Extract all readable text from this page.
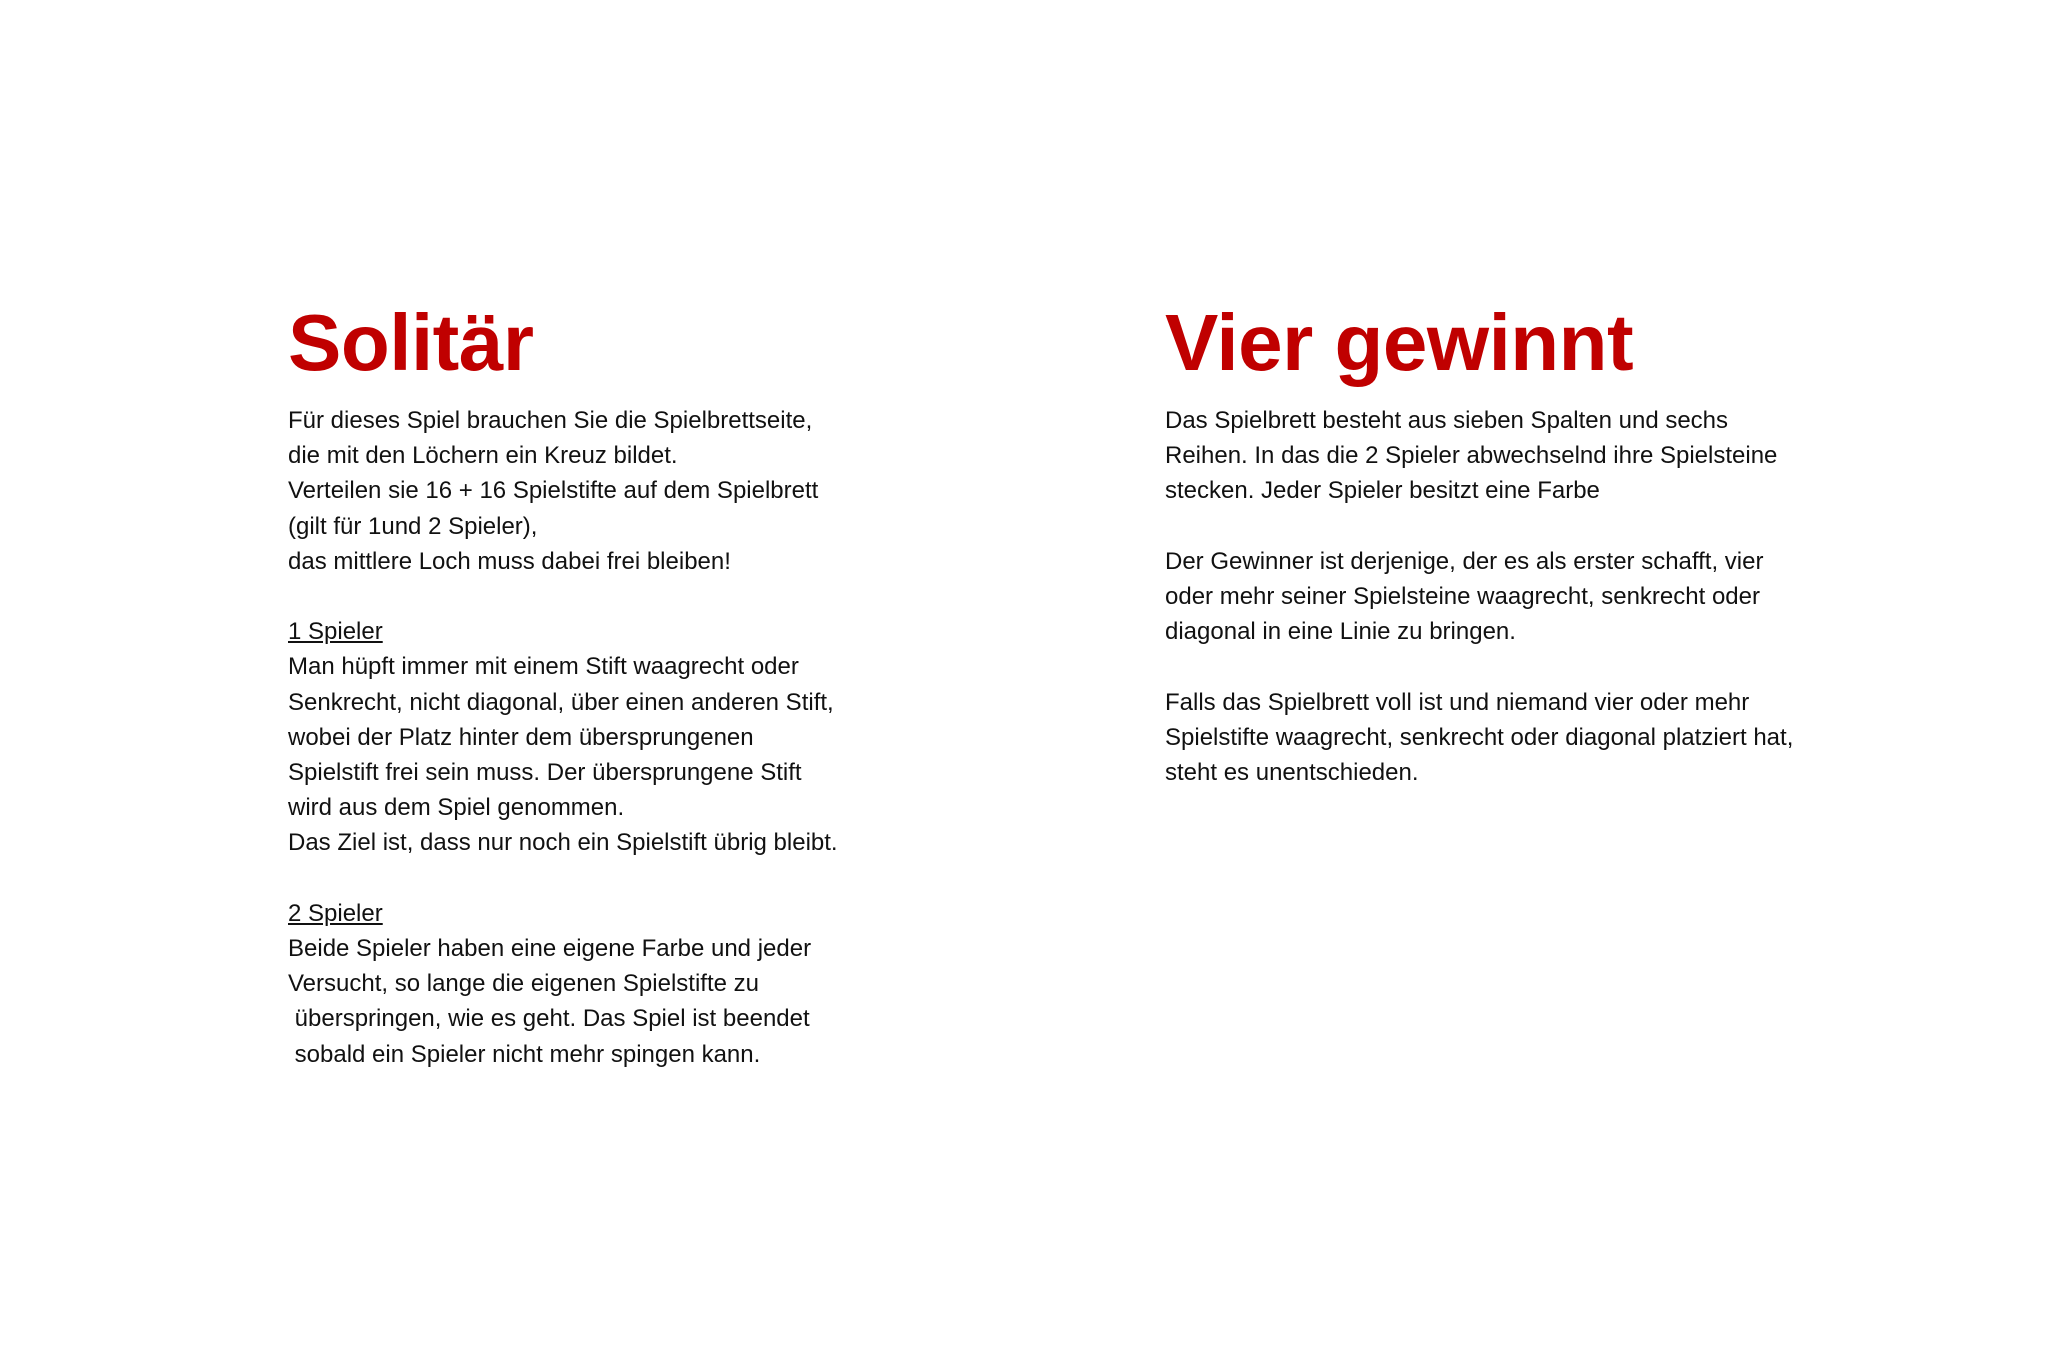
Solitär
Für dieses Spiel brauchen Sie die Spielbrettseite,
die mit den Löchern ein Kreuz bildet.
Verteilen sie 16 + 16 Spielstifte auf dem Spielbrett
(gilt für 1und 2 Spieler),
das mittlere Loch muss dabei frei bleiben!
1 Spieler
Man hüpft immer mit einem Stift waagrecht oder
Senkrecht, nicht diagonal, über einen anderen Stift,
wobei der Platz hinter dem übersprungenen
Spielstift frei sein muss. Der übersprungene Stift
wird aus dem Spiel genommen.
Das Ziel ist, dass nur noch ein Spielstift übrig bleibt.
2 Spieler
Beide Spieler haben eine eigene Farbe und jeder
Versucht, so lange die eigenen Spielstifte zu
überspringen, wie es geht. Das Spiel ist beendet
sobald ein Spieler nicht mehr spingen kann.
Vier gewinnt
Das Spielbrett besteht aus sieben Spalten und sechs
Reihen. In das die 2 Spieler abwechselnd ihre Spielsteine
stecken. Jeder Spieler besitzt eine Farbe
Der Gewinner ist derjenige, der es als erster schafft, vier
oder mehr seiner Spielsteine waagrecht, senkrecht oder
diagonal in eine Linie zu bringen.
Falls das Spielbrett voll ist und niemand vier oder mehr
Spielstifte waagrecht, senkrecht oder diagonal platziert hat,
steht es unentschieden.
